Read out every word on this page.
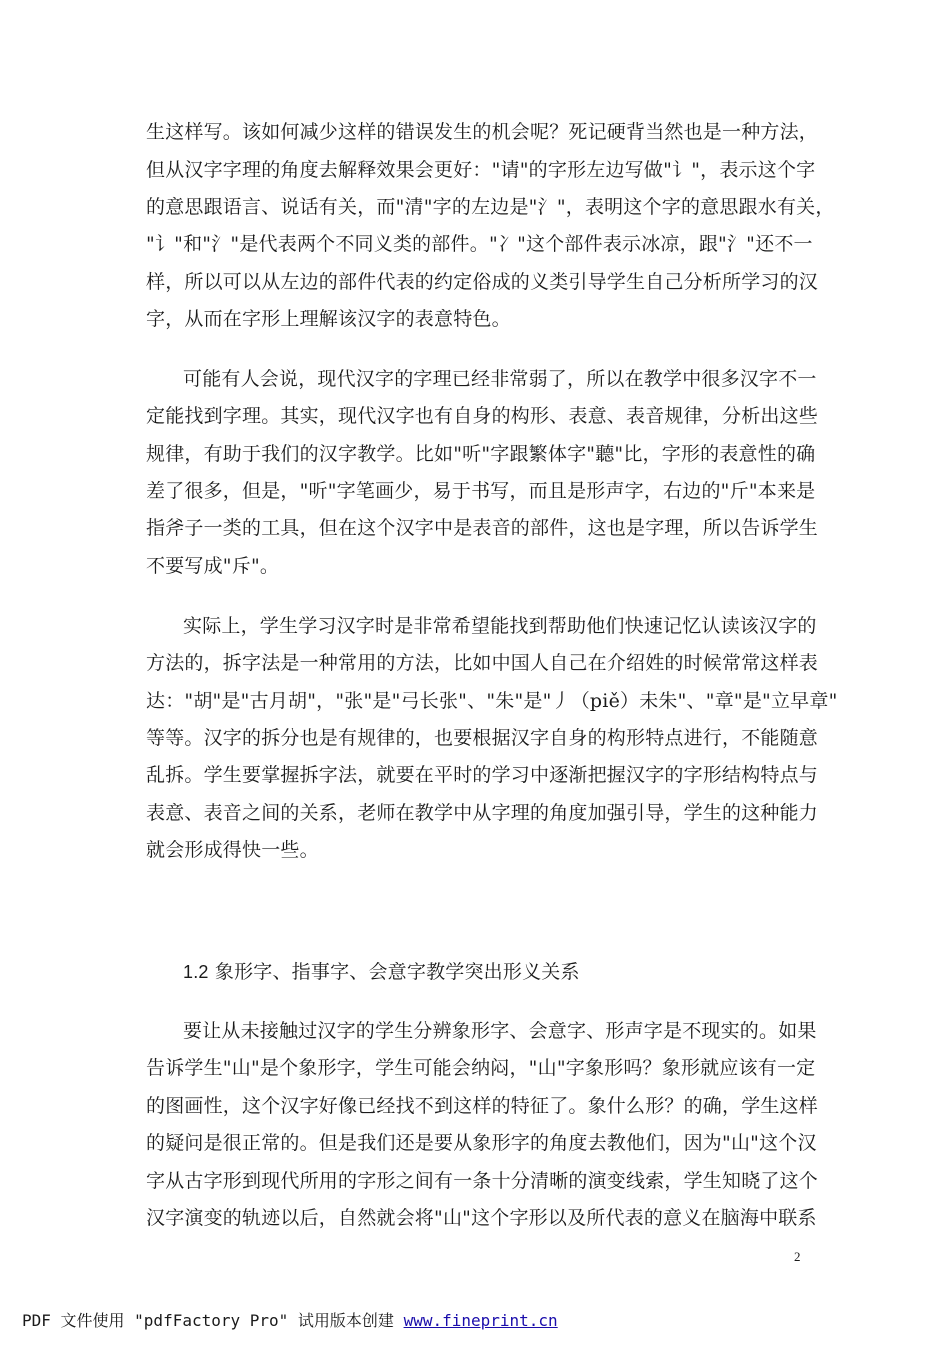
生这样写。该如何减少这样的错误发生的机会呢？死记硬背当然也是一种方法，
但从汉字字理的角度去解释效果会更好："请"的字形左边写做"讠"，表示这个字
的意思跟语言、说话有关，而"清"字的左边是"氵"，表明这个字的意思跟水有关，
"讠"和"氵"是代表两个不同义类的部件。"冫"这个部件表示冰凉，跟"氵"还不一
样，所以可以从左边的部件代表的约定俗成的义类引导学生自己分析所学习的汉
字，从而在字形上理解该汉字的表意特色。
可能有人会说，现代汉字的字理已经非常弱了，所以在教学中很多汉字不一
定能找到字理。其实，现代汉字也有自身的构形、表意、表音规律，分析出这些
规律，有助于我们的汉字教学。比如"听"字跟繁体字"聽"比，字形的表意性的确
差了很多，但是，"听"字笔画少，易于书写，而且是形声字，右边的"斤"本来是
指斧子一类的工具，但在这个汉字中是表音的部件，这也是字理，所以告诉学生
不要写成"斥"。
实际上，学生学习汉字时是非常希望能找到帮助他们快速记忆认读该汉字的
方法的，拆字法是一种常用的方法，比如中国人自己在介绍姓的时候常常这样表
达："胡"是"古月胡"，"张"是"弓长张"、"朱"是"丿（piě）未朱"、"章"是"立早章"
等等。汉字的拆分也是有规律的，也要根据汉字自身的构形特点进行，不能随意
乱拆。学生要掌握拆字法，就要在平时的学习中逐渐把握汉字的字形结构特点与
表意、表音之间的关系，老师在教学中从字理的角度加强引导，学生的这种能力
就会形成得快一些。
1.2 象形字、指事字、会意字教学突出形义关系
要让从未接触过汉字的学生分辨象形字、会意字、形声字是不现实的。如果
告诉学生"山"是个象形字，学生可能会纳闷，"山"字象形吗？象形就应该有一定
的图画性，这个汉字好像已经找不到这样的特征了。象什么形？的确，学生这样
的疑问是很正常的。但是我们还是要从象形字的角度去教他们，因为"山"这个汉
字从古字形到现代所用的字形之间有一条十分清晰的演变线索，学生知晓了这个
汉字演变的轨迹以后，自然就会将"山"这个字形以及所代表的意义在脑海中联系
2
PDF 文件使用 "pdfFactory Pro" 试用版本创建 www.fineprint.cn
